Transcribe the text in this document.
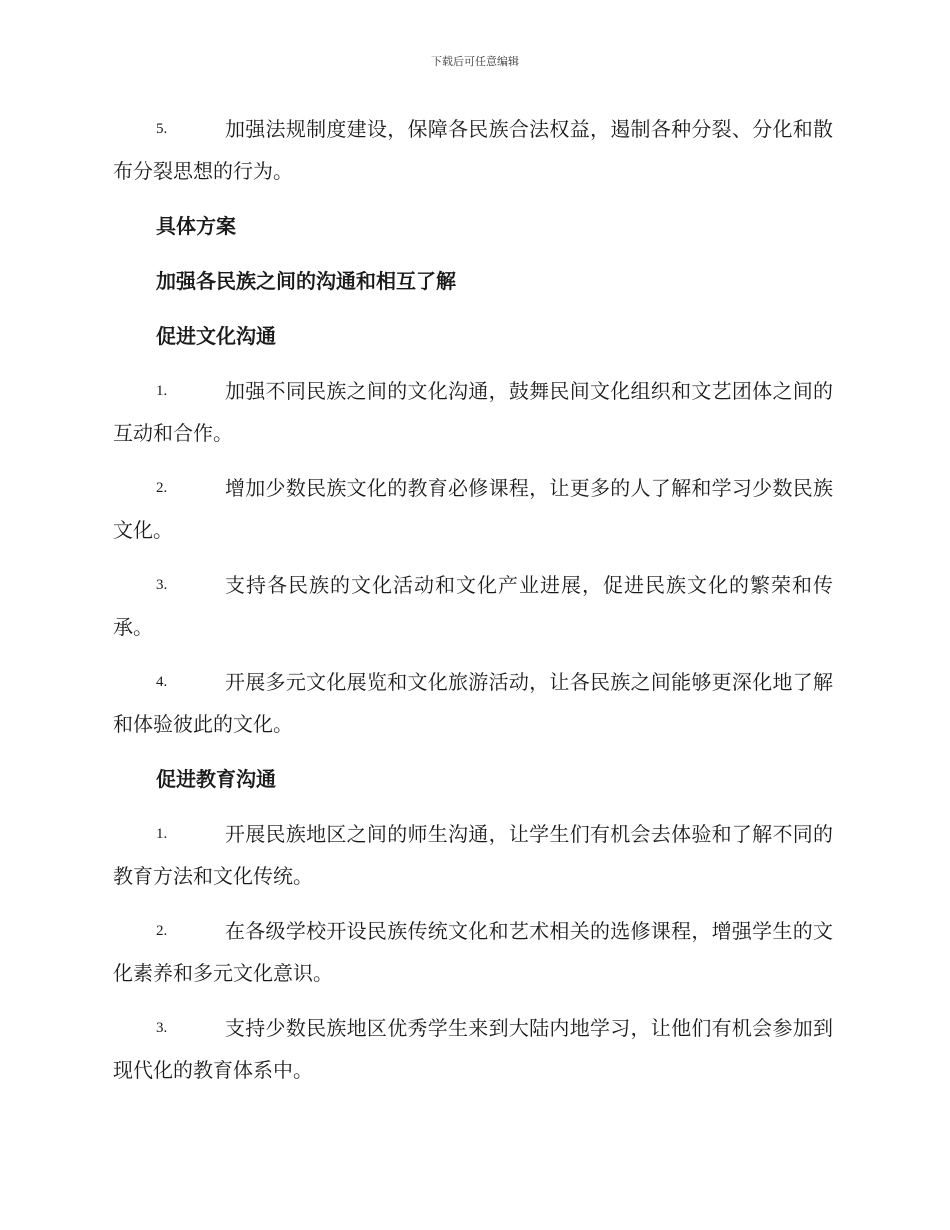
下载后可任意编辑

5.	加强法规制度建设，保障各民族合法权益，遏制各种分裂、分化和散布分裂思想的行为。

具体方案
加强各民族之间的沟通和相互了解
促进文化沟通

1.	加强不同民族之间的文化沟通，鼓舞民间文化组织和文艺团体之间的互动和合作。

2.	增加少数民族文化的教育必修课程，让更多的人了解和学习少数民族文化。

3.	支持各民族的文化活动和文化产业进展，促进民族文化的繁荣和传承。

4.	开展多元文化展览和文化旅游活动，让各民族之间能够更深化地了解和体验彼此的文化。

促进教育沟通

1.	开展民族地区之间的师生沟通，让学生们有机会去体验和了解不同的教育方法和文化传统。

2.	在各级学校开设民族传统文化和艺术相关的选修课程，增强学生的文化素养和多元文化意识。

3.	支持少数民族地区优秀学生来到大陆内地学习，让他们有机会参加到现代化的教育体系中。
